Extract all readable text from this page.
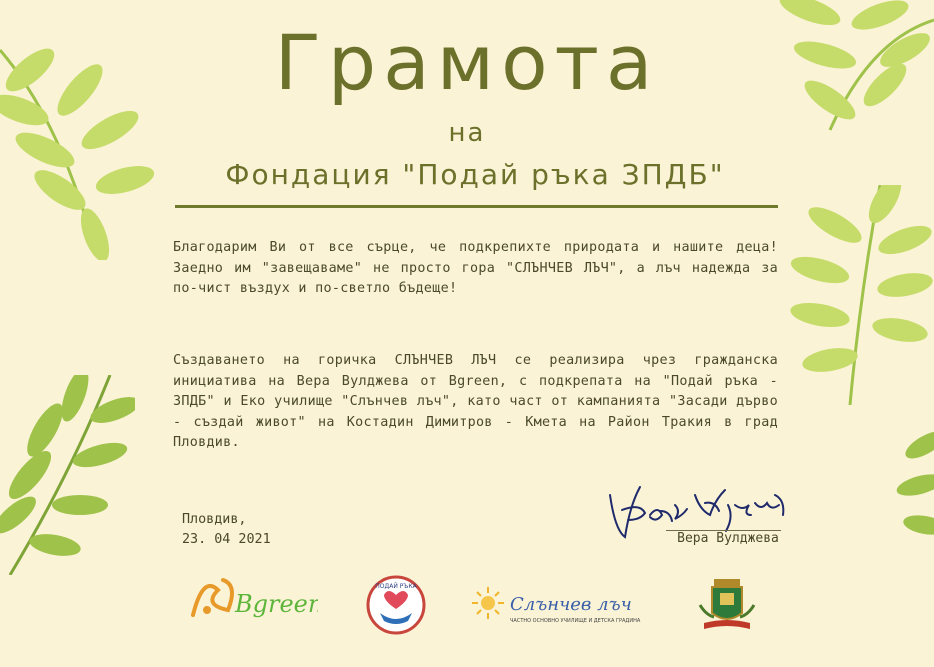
Грамота
на
Фондация "Подай ръка ЗПДБ"
Благодарим Ви от все сърце, че подкрепихте природата и нашите деца! Заедно им "завещаваме" не просто гора "СЛЪНЧЕВ ЛЪЧ", а лъч надежда за по-чист въздух и по-светло бъдеще!
Създаването на горичка СЛЪНЧЕВ ЛЪЧ се реализира чрез гражданска инициатива на Вера Вулджева от Bgreen, с подкрепата на "Подай ръка - ЗПДБ" и Еко училище "Слънчев лъч", като част от кампанията "Засади дърво - създай живот" на Костадин Димитров - Кмета на Район Тракия в град Пловдив.
Пловдив,
23. 04 2021	Вера Вулджева
Bgreen
ПОДАЙ РЪКА
Слънчев лъч
ЧАСТНО ОСНОВНО УЧИЛИЩЕ И ДЕТСКА ГРАДИНА
